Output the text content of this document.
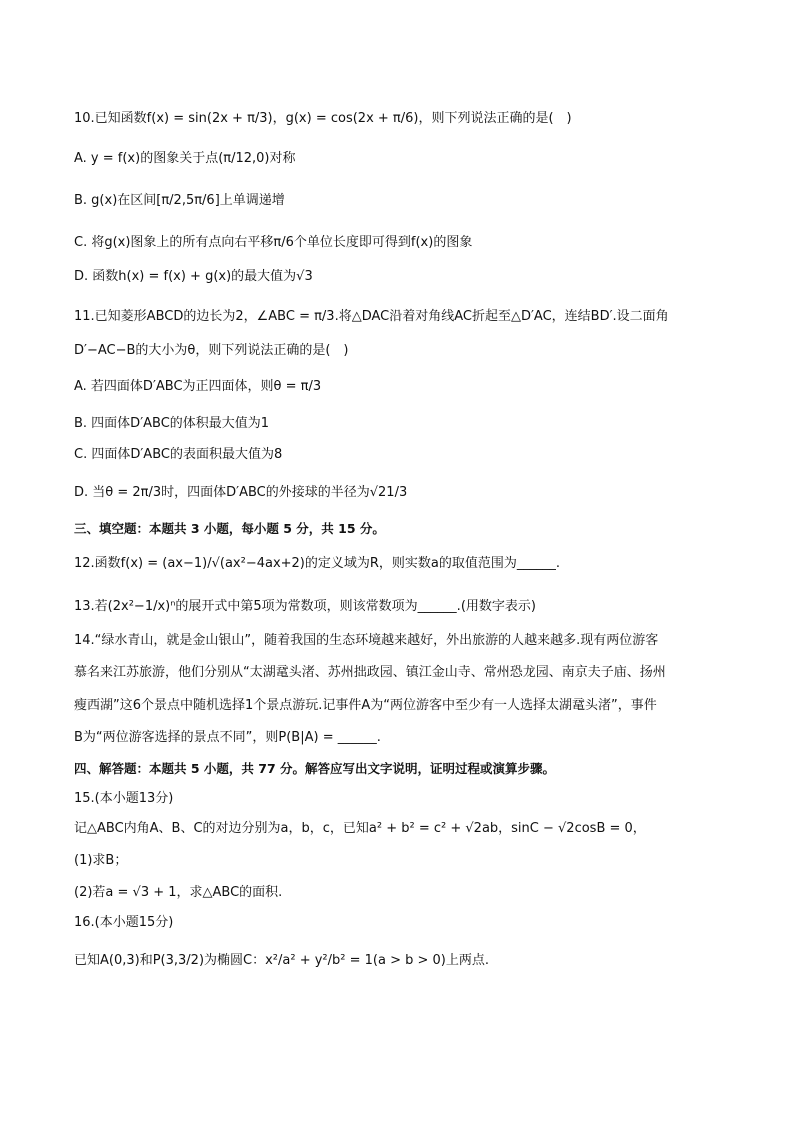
10.已知函数f(x) = sin(2x + π/3)，g(x) = cos(2x + π/6)，则下列说法正确的是(　)
A. y = f(x)的图象关于点(π/12,0)对称
B. g(x)在区间[π/2,5π/6]上单调递增
C. 将g(x)图象上的所有点向右平移π/6个单位长度即可得到f(x)的图象
D. 函数h(x) = f(x) + g(x)的最大值为√3
11.已知菱形ABCD的边长为2，∠ABC = π/3.将△DAC沿着对角线AC折起至△D′AC，连结BD′.设二面角
D′−AC−B的大小为θ，则下列说法正确的是(　)
A. 若四面体D′ABC为正四面体，则θ = π/3
B. 四面体D′ABC的体积最大值为1
C. 四面体D′ABC的表面积最大值为8
D. 当θ = 2π/3时，四面体D′ABC的外接球的半径为√21/3
三、填空题：本题共 3 小题，每小题 5 分，共 15 分。
12.函数f(x) = (ax−1)/√(ax²−4ax+2)的定义域为R，则实数a的取值范围为______.
13.若(2x²−1/x)ⁿ的展开式中第5项为常数项，则该常数项为______.(用数字表示)
14.“绿水青山，就是金山银山”，随着我国的生态环境越来越好，外出旅游的人越来越多.现有两位游客
慕名来江苏旅游，他们分别从“太湖鼋头渚、苏州拙政园、镇江金山寺、常州恐龙园、南京夫子庙、扬州
瘦西湖”这6个景点中随机选择1个景点游玩.记事件A为“两位游客中至少有一人选择太湖鼋头渚”，事件
B为“两位游客选择的景点不同”，则P(B|A) = ______.
四、解答题：本题共 5 小题，共 77 分。解答应写出文字说明，证明过程或演算步骤。
15.(本小题13分)
记△ABC内角A、B、C的对边分别为a，b，c，已知a² + b² = c² + √2ab，sinC − √2cosB = 0，
(1)求B；
(2)若a = √3 + 1，求△ABC的面积.
16.(本小题15分)
已知A(0,3)和P(3,3/2)为椭圆C：x²/a² + y²/b² = 1(a > b > 0)上两点.
